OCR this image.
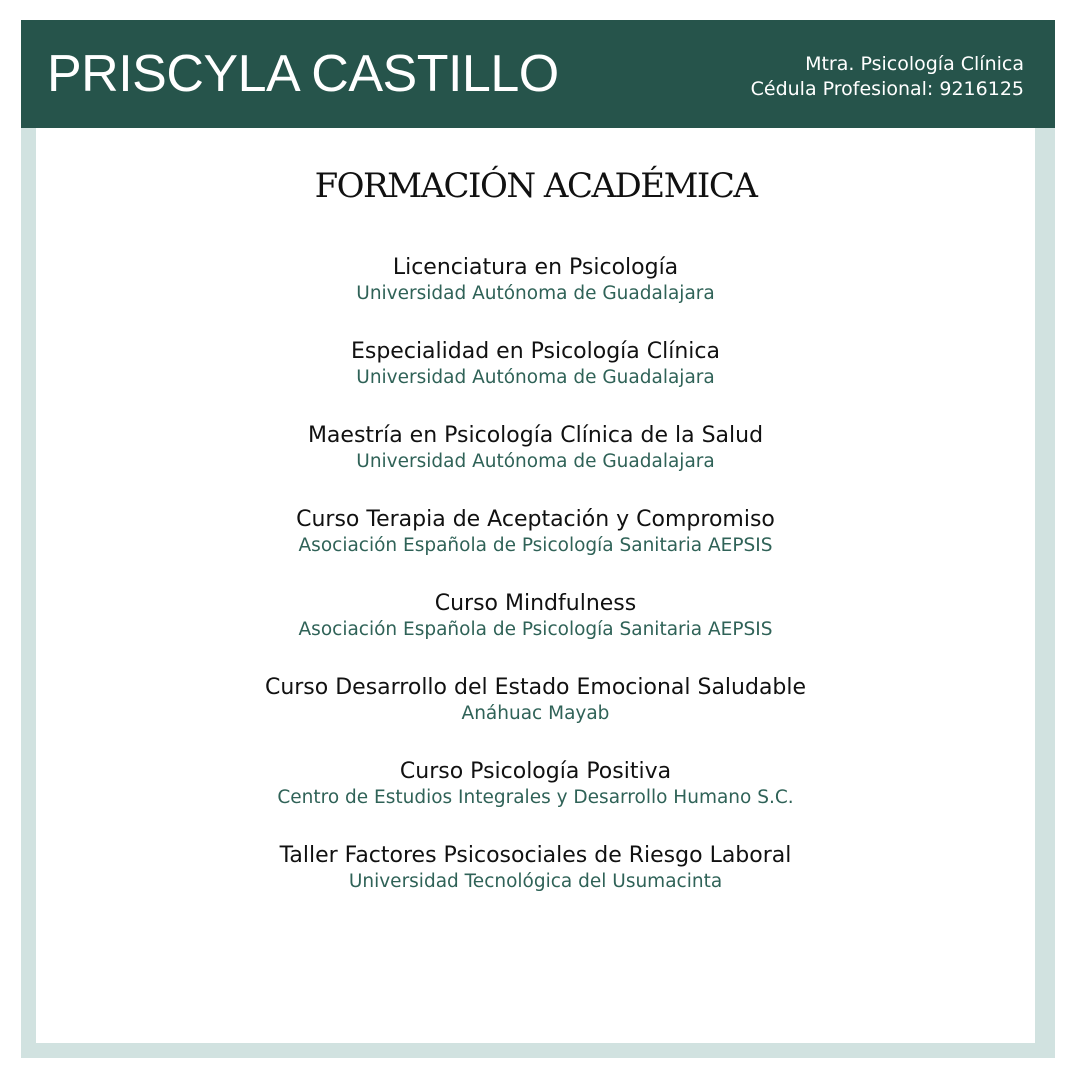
PRISCYLA CASTILLO	Mtra. Psicología Clínica
Cédula Profesional: 9216125
FORMACIÓN ACADÉMICA
Licenciatura en Psicología
Universidad Autónoma de Guadalajara
Especialidad en Psicología Clínica
Universidad Autónoma de Guadalajara
Maestría en Psicología Clínica de la Salud
Universidad Autónoma de Guadalajara
Curso Terapia de Aceptación y Compromiso
Asociación Española de Psicología Sanitaria AEPSIS
Curso Mindfulness
Asociación Española de Psicología Sanitaria AEPSIS
Curso Desarrollo del Estado Emocional Saludable
Anáhuac Mayab
Curso Psicología Positiva
Centro de Estudios Integrales y Desarrollo Humano S.C.
Taller Factores Psicosociales de Riesgo Laboral
Universidad Tecnológica del Usumacinta
